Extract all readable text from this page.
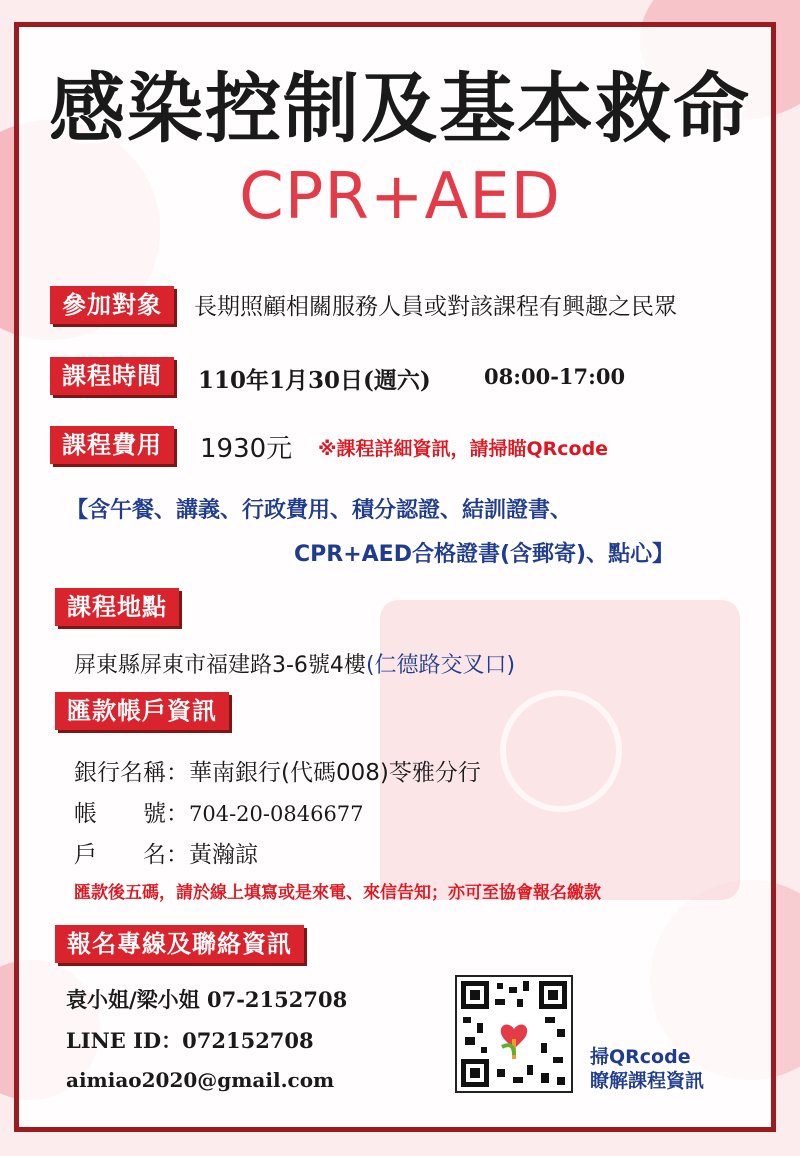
感染控制及基本救命
CPR+AED
參加對象	長期照顧相關服務人員或對該課程有興趣之民眾
課程時間	110年1月30日(週六)	08:00-17:00
課程費用	1930元 ※課程詳細資訊，請掃瞄QRcode
【含午餐、講義、行政費用、積分認證、結訓證書、
CPR+AED合格證書(含郵寄)、點心】
課程地點
屏東縣屏東市福建路3-6號4樓(仁德路交叉口)
匯款帳戶資訊
銀行名稱：華南銀行(代碼008)苓雅分行
帳　　號：704-20-0846677
戶　　名：黃瀚諒
匯款後五碼，請於線上填寫或是來電、來信告知；亦可至協會報名繳款
報名專線及聯絡資訊
袁小姐/梁小姐 07-2152708
LINE ID：072152708
aimiao2020@gmail.com
掃QRcode
瞭解課程資訊
